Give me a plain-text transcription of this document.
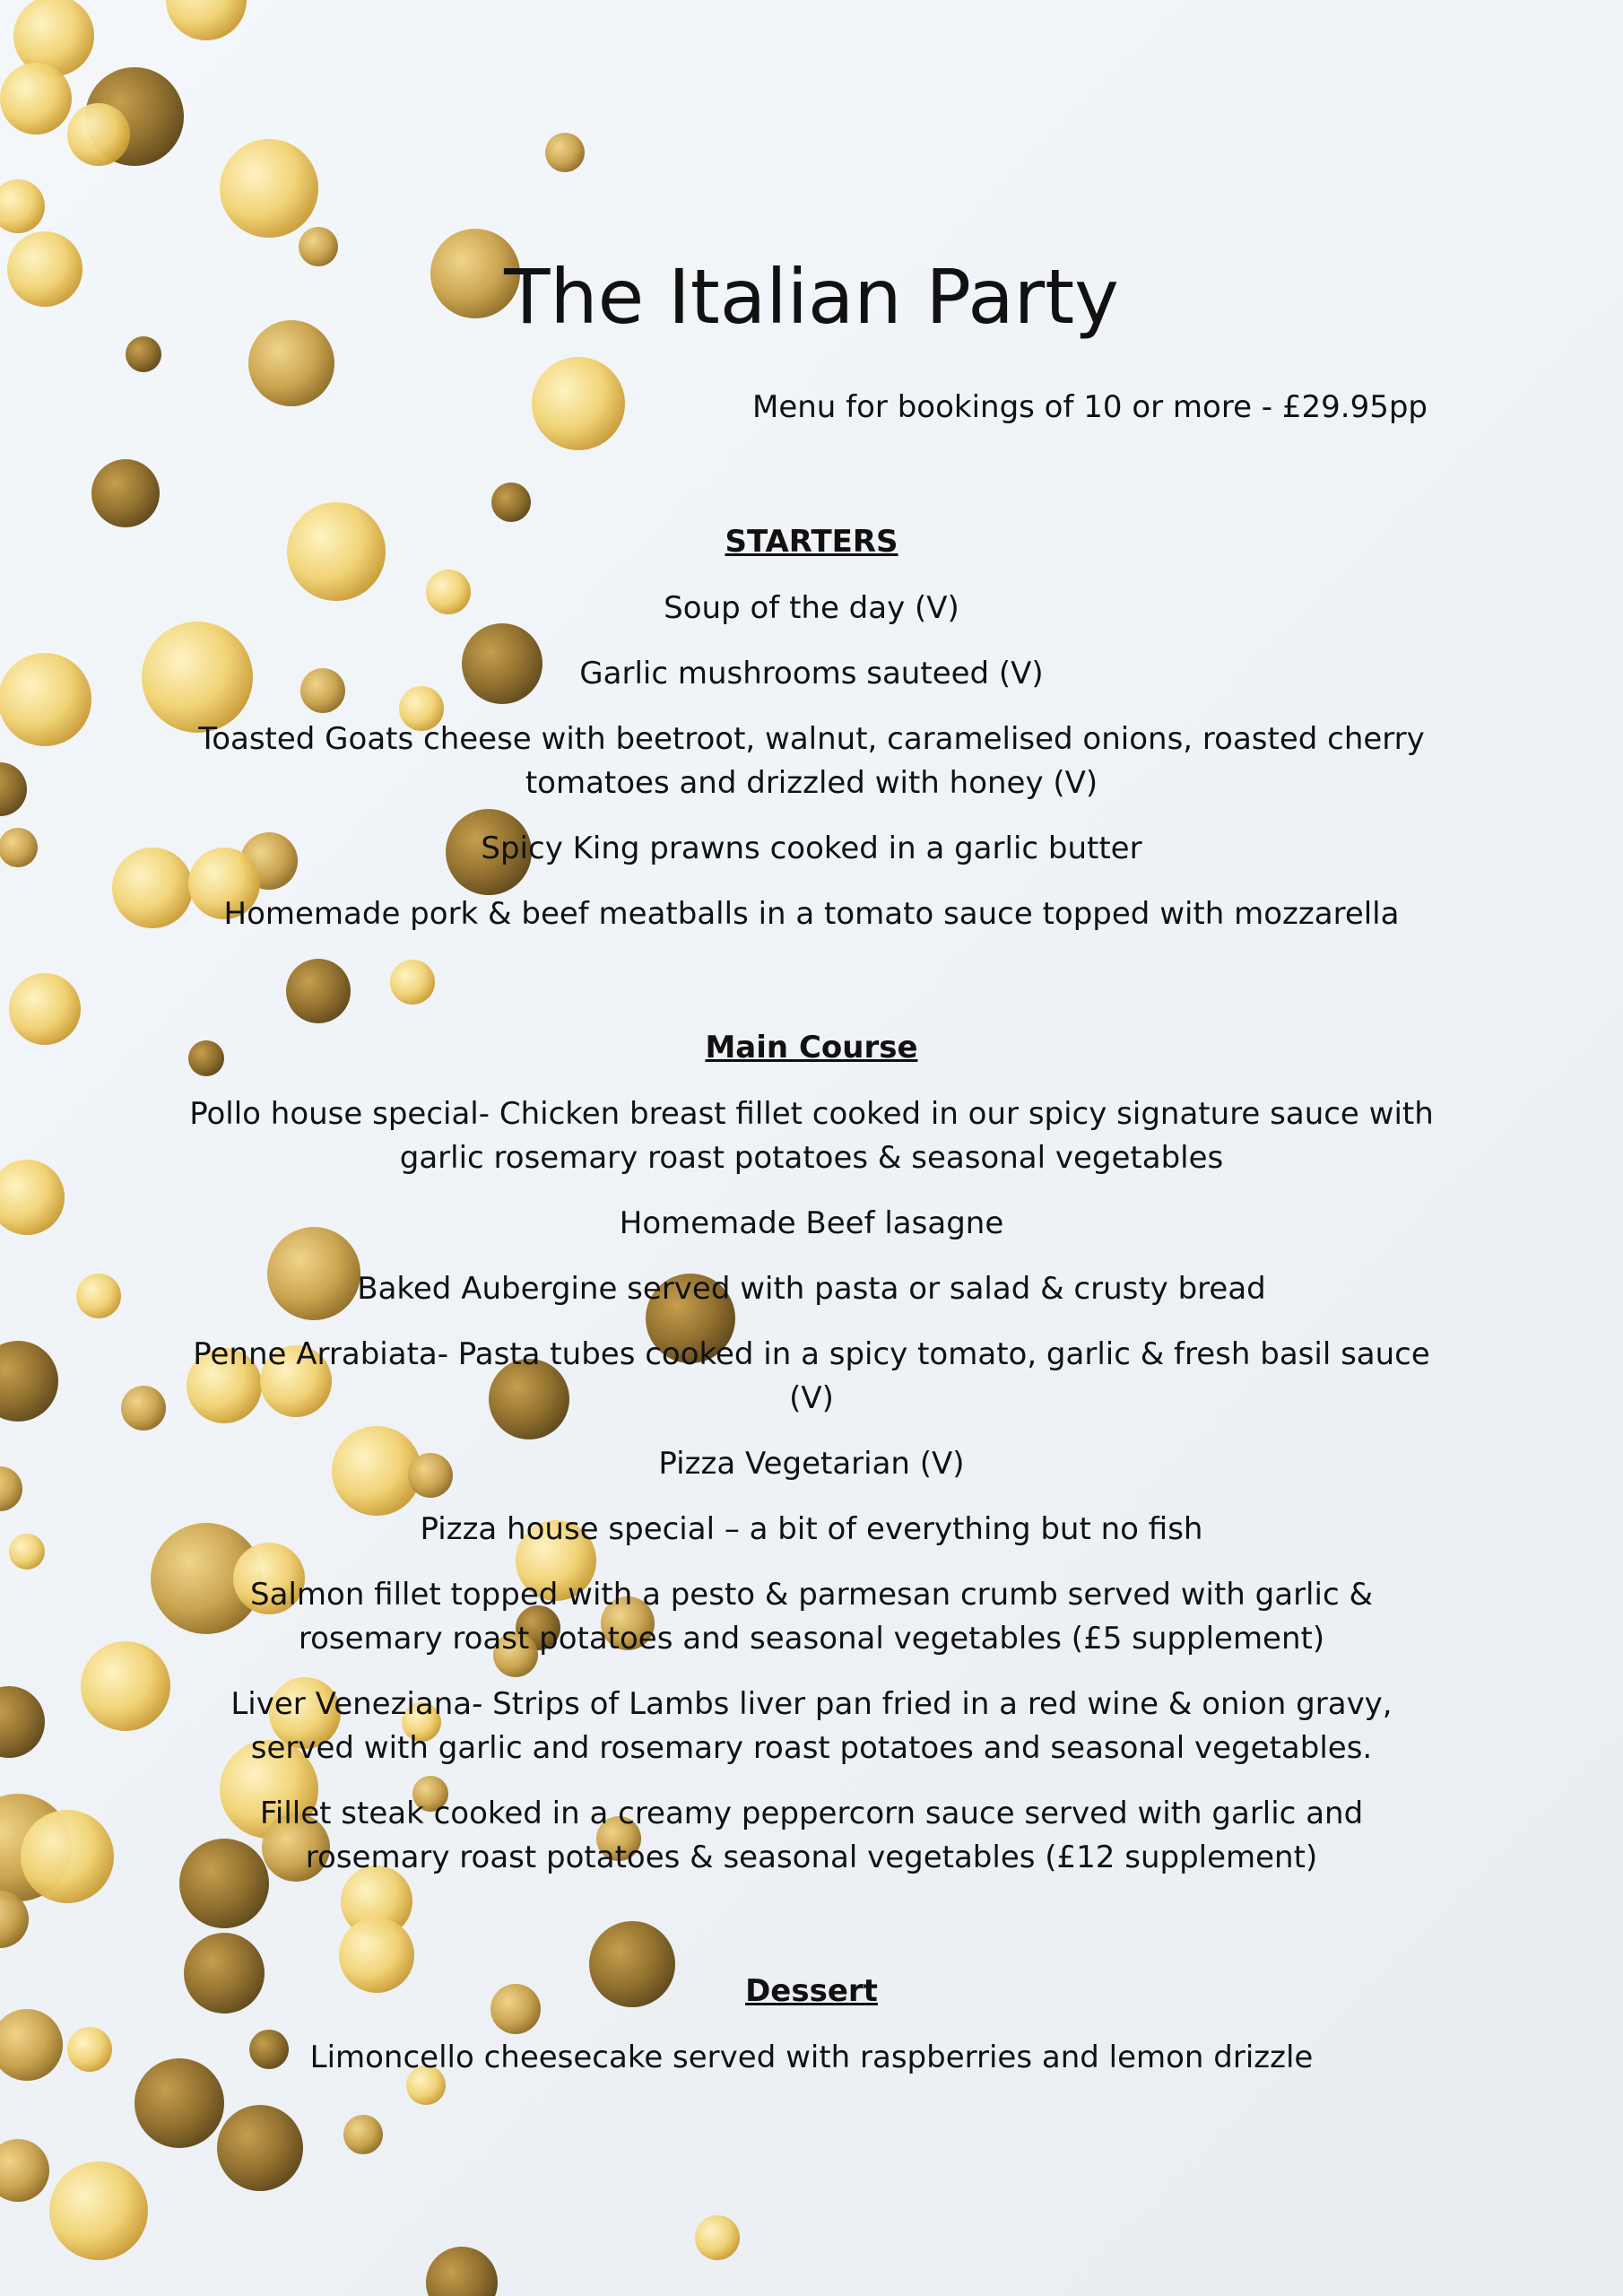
The Italian Party
Menu for bookings of 10 or more - £29.95pp
STARTERS
Soup of the day (V)
Garlic mushrooms sauteed (V)
Toasted Goats cheese with beetroot, walnut, caramelised onions, roasted cherry tomatoes and drizzled with honey (V)
Spicy King prawns cooked in a garlic butter
Homemade pork & beef meatballs in a tomato sauce topped with mozzarella
Main Course
Pollo house special- Chicken breast fillet cooked in our spicy signature sauce with garlic rosemary roast potatoes & seasonal vegetables
Homemade Beef lasagne
Baked Aubergine served with pasta or salad & crusty bread
Penne Arrabiata- Pasta tubes cooked in a spicy tomato, garlic & fresh basil sauce (V)
Pizza Vegetarian (V)
Pizza house special – a bit of everything but no fish
Salmon fillet topped with a pesto & parmesan crumb served with garlic & rosemary roast potatoes and seasonal vegetables (£5 supplement)
Liver Veneziana- Strips of Lambs liver pan fried in a red wine & onion gravy, served with garlic and rosemary roast potatoes and seasonal vegetables.
Fillet steak cooked in a creamy peppercorn sauce served with garlic and rosemary roast potatoes & seasonal vegetables (£12 supplement)
Dessert
Limoncello cheesecake served with raspberries and lemon drizzle
